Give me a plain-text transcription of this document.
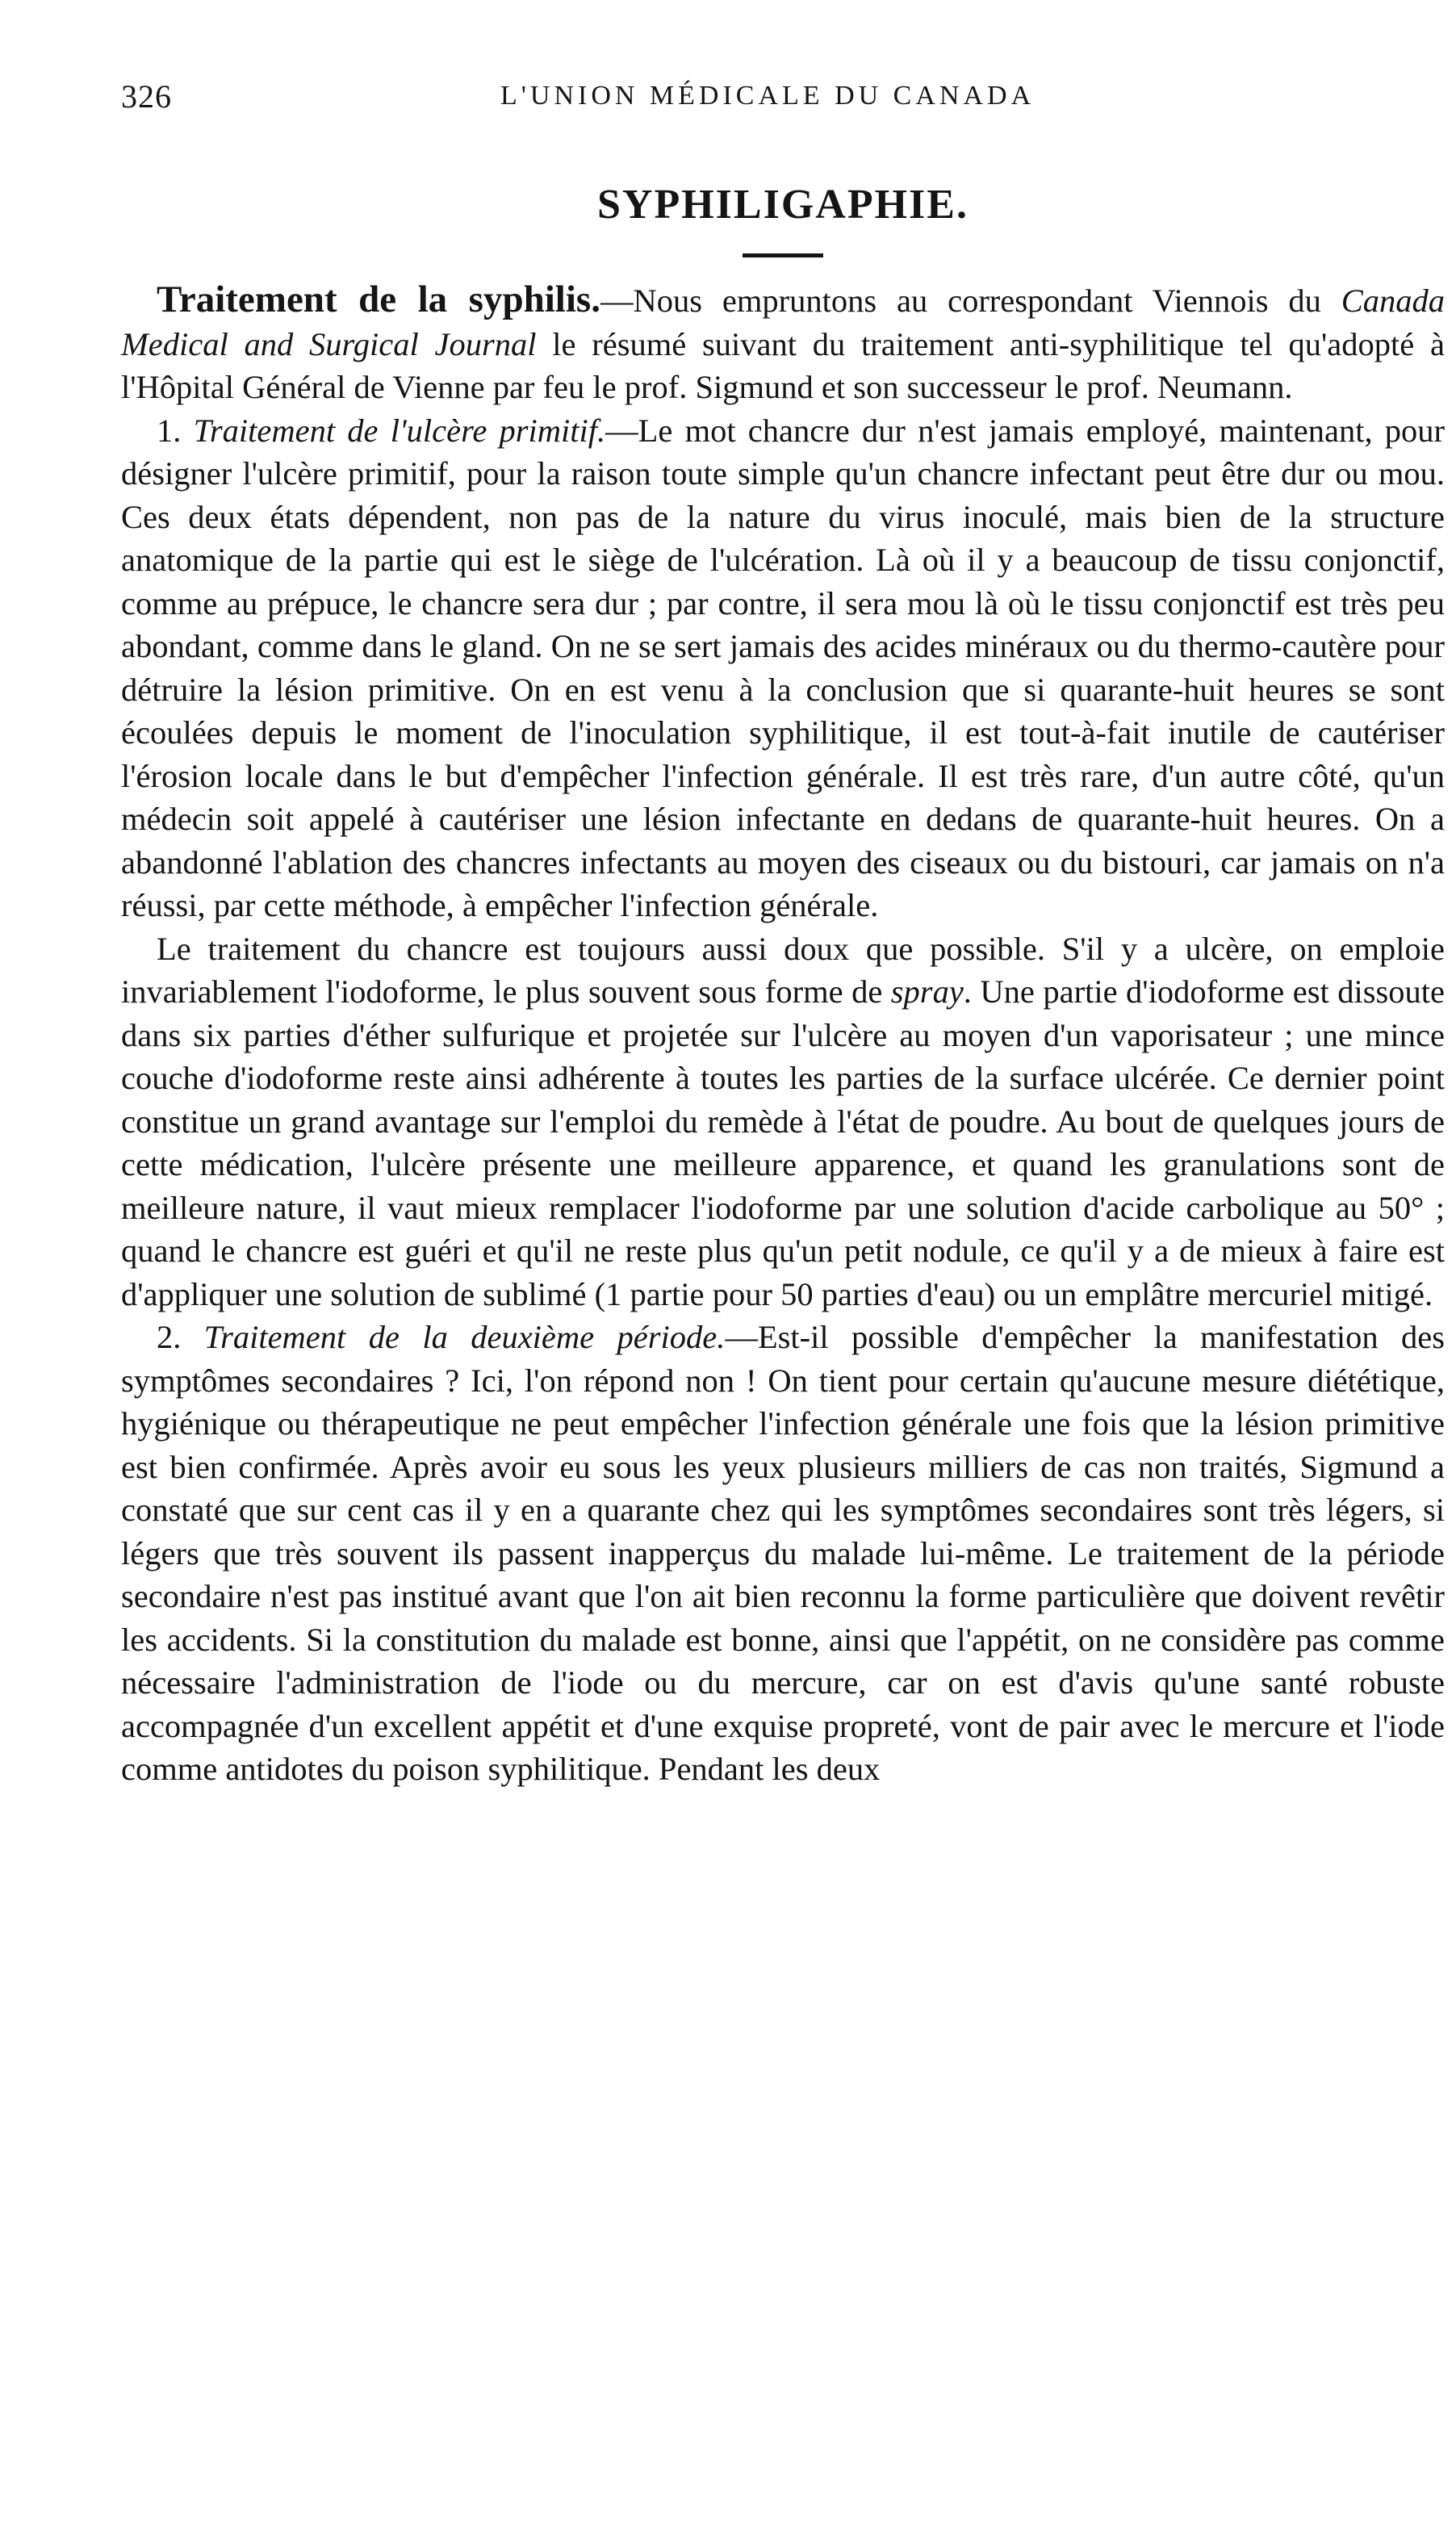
326	L'UNION MÉDICALE DU CANADA
SYPHILIGAPHIE.

Traitement de la syphilis.—Nous empruntons au correspondant Viennois du Canada Medical and Surgical Journal le résumé suivant du traitement anti-syphilitique tel qu'adopté à l'Hôpital Général de Vienne par feu le prof. Sigmund et son successeur le prof. Neumann.

1. Traitement de l'ulcère primitif.—Le mot chancre dur n'est jamais employé, maintenant, pour désigner l'ulcère primitif, pour la raison toute simple qu'un chancre infectant peut être dur ou mou. Ces deux états dépendent, non pas de la nature du virus inoculé, mais bien de la structure anatomique de la partie qui est le siège de l'ulcération. Là où il y a beaucoup de tissu conjonctif, comme au prépuce, le chancre sera dur ; par contre, il sera mou là où le tissu conjonctif est très peu abondant, comme dans le gland. On ne se sert jamais des acides minéraux ou du thermo-cautère pour détruire la lésion primitive. On en est venu à la conclusion que si quarante-huit heures se sont écoulées depuis le moment de l'inoculation syphilitique, il est tout-à-fait inutile de cautériser l'érosion locale dans le but d'empêcher l'infection générale. Il est très rare, d'un autre côté, qu'un médecin soit appelé à cautériser une lésion infectante en dedans de quarante-huit heures. On a abandonné l'ablation des chancres infectants au moyen des ciseaux ou du bistouri, car jamais on n'a réussi, par cette méthode, à empêcher l'infection générale.

Le traitement du chancre est toujours aussi doux que possible. S'il y a ulcère, on emploie invariablement l'iodoforme, le plus souvent sous forme de spray. Une partie d'iodoforme est dissoute dans six parties d'éther sulfurique et projetée sur l'ulcère au moyen d'un vaporisateur ; une mince couche d'iodoforme reste ainsi adhérente à toutes les parties de la surface ulcérée. Ce dernier point constitue un grand avantage sur l'emploi du remède à l'état de poudre. Au bout de quelques jours de cette médication, l'ulcère présente une meilleure apparence, et quand les granulations sont de meilleure nature, il vaut mieux remplacer l'iodoforme par une solution d'acide carbolique au 50° ; quand le chancre est guéri et qu'il ne reste plus qu'un petit nodule, ce qu'il y a de mieux à faire est d'appliquer une solution de sublimé (1 partie pour 50 parties d'eau) ou un emplâtre mercuriel mitigé.

2. Traitement de la deuxième période.—Est-il possible d'empêcher la manifestation des symptômes secondaires ? Ici, l'on répond non ! On tient pour certain qu'aucune mesure diététique, hygiénique ou thérapeutique ne peut empêcher l'infection générale une fois que la lésion primitive est bien confirmée. Après avoir eu sous les yeux plusieurs milliers de cas non traités, Sigmund a constaté que sur cent cas il y en a quarante chez qui les symptômes secondaires sont très légers, si légers que très souvent ils passent inapperçus du malade lui-même. Le traitement de la période secondaire n'est pas institué avant que l'on ait bien reconnu la forme particulière que doivent revêtir les accidents. Si la constitution du malade est bonne, ainsi que l'appétit, on ne considère pas comme nécessaire l'administration de l'iode ou du mercure, car on est d'avis qu'une santé robuste accompagnée d'un excellent appétit et d'une exquise propreté, vont de pair avec le mercure et l'iode comme antidotes du poison syphilitique. Pendant les deux
